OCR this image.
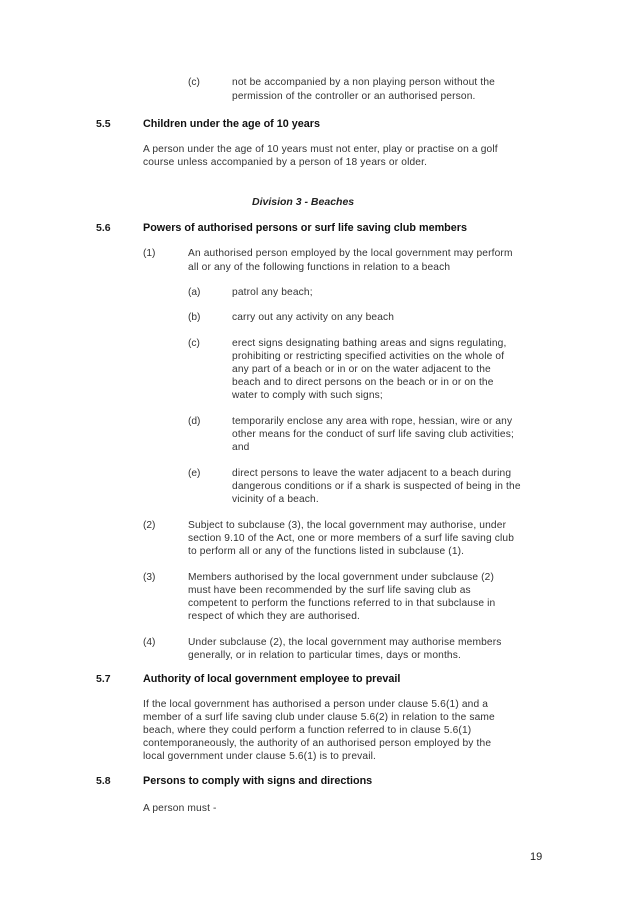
(c)	not be accompanied by a non playing person without the
permission of the controller or an authorised person.
5.5	Children under the age of 10 years
A person under the age of 10 years must not enter, play or practise on a golf
course unless accompanied by a person of 18 years or older.
Division 3 - Beaches
5.6	Powers of authorised persons or surf life saving club members
(1)	An authorised person employed by the local government may perform
all or any of the following functions in relation to a beach
(a)	patrol any beach;
(b)	carry out any activity on any beach
(c)	erect signs designating bathing areas and signs regulating,
prohibiting or restricting specified activities on the whole of
any part of a beach or in or on the water adjacent to the
beach and to direct persons on the beach or in or on the
water to comply with such signs;
(d)	temporarily enclose any area with rope, hessian, wire or any
other means for the conduct of surf life saving club activities;
and
(e)	direct persons to leave the water adjacent to a beach during
dangerous conditions or if a shark is suspected of being in the
vicinity of a beach.
(2)	Subject to subclause (3), the local government may authorise, under
section 9.10 of the Act, one or more members of a surf life saving club
to perform all or any of the functions listed in subclause (1).
(3)	Members authorised by the local government under subclause (2)
must have been recommended by the surf life saving club as
competent to perform the functions referred to in that subclause in
respect of which they are authorised.
(4)	Under subclause (2), the local government may authorise members
generally, or in relation to particular times, days or months.
5.7	Authority of local government employee to prevail
If the local government has authorised a person under clause 5.6(1) and a
member of a surf life saving club under clause 5.6(2) in relation to the same
beach, where they could perform a function referred to in clause 5.6(1)
contemporaneously, the authority of an authorised person employed by the
local government under clause 5.6(1) is to prevail.
5.8	Persons to comply with signs and directions
A person must -
19
